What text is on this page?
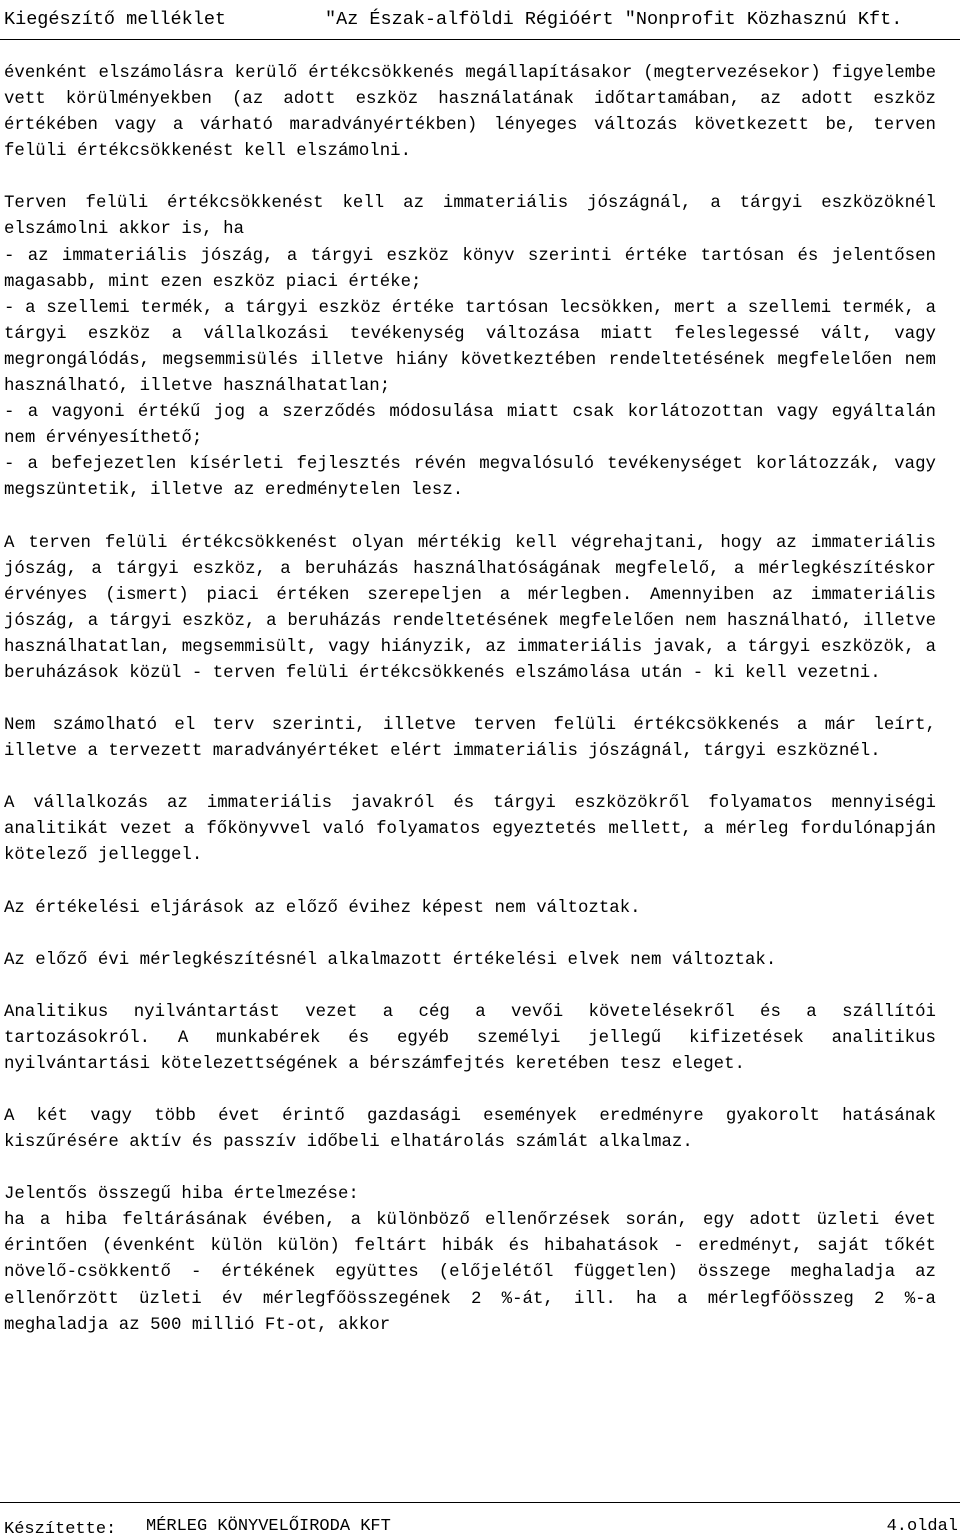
Kiegészítő melléklet	"Az Észak-alföldi Régióért "Nonprofit Közhasznú Kft.

évenként elszámolásra kerülő értékcsökkenés megállapításakor (megtervezésekor) figyelembe vett körülményekben (az adott eszköz használatának időtartamában, az adott eszköz értékében vagy a várható maradványértékben) lényeges változás következett be, terven felüli értékcsökkenést kell elszámolni.

Terven felüli értékcsökkenést kell az immateriális jószágnál, a tárgyi eszközöknél elszámolni akkor is, ha

- az immateriális jószág, a tárgyi eszköz könyv szerinti értéke tartósan és jelentősen magasabb, mint ezen eszköz piaci értéke;

- a szellemi termék, a tárgyi eszköz értéke tartósan lecsökken, mert a szellemi termék, a tárgyi eszköz a vállalkozási tevékenység változása miatt feleslegessé vált, vagy megrongálódás, megsemmisülés illetve hiány következtében rendeltetésének megfelelően nem használható, illetve használhatatlan;

- a vagyoni értékű jog a szerződés módosulása miatt csak korlátozottan vagy egyáltalán nem érvényesíthető;

- a befejezetlen kísérleti fejlesztés révén megvalósuló tevékenységet korlátozzák, vagy megszüntetik, illetve az eredménytelen lesz.

A terven felüli értékcsökkenést olyan mértékig kell végrehajtani, hogy az immateriális jószág, a tárgyi eszköz, a beruházás használhatóságának megfelelő, a mérlegkészítéskor érvényes (ismert) piaci értéken szerepeljen a mérlegben. Amennyiben az immateriális jószág, a tárgyi eszköz, a beruházás rendeltetésének megfelelően nem használható, illetve használhatatlan, megsemmisült, vagy hiányzik, az immateriális javak, a tárgyi eszközök, a beruházások közül - terven felüli értékcsökkenés elszámolása után - ki kell vezetni.

Nem számolható el terv szerinti, illetve terven felüli értékcsökkenés a már leírt, illetve a tervezett maradványértéket elért immateriális jószágnál, tárgyi eszköznél.

A vállalkozás az immateriális javakról és tárgyi eszközökről folyamatos mennyiségi analitikát vezet a főkönyvvel való folyamatos egyeztetés mellett, a mérleg fordulónapján kötelező jelleggel.

Az értékelési eljárások az előző évihez képest nem változtak.

Az előző évi mérlegkészítésnél alkalmazott értékelési elvek nem változtak.

Analitikus nyilvántartást vezet a cég a vevői követelésekről és a szállítói tartozásokról. A munkabérek és egyéb személyi jellegű kifizetések analitikus nyilvántartási kötelezettségének a bérszámfejtés keretében tesz eleget.

A két vagy több évet érintő gazdasági események eredményre gyakorolt hatásának kiszűrésére aktív és passzív időbeli elhatárolás számlát alkalmaz.

Jelentős összegű hiba értelmezése:

ha a hiba feltárásának évében, a különböző ellenőrzések során, egy adott üzleti évet érintően (évenként külön külön) feltárt hibák és hibahatások - eredményt, saját tőkét növelő-csökkentő - értékének együttes (előjelétől független) összege meghaladja az ellenőrzött üzleti év mérlegfőösszegének 2 %-át, ill. ha a mérlegfőösszeg 2 %-a meghaladja az 500 millió Ft-ot, akkor

Készítette: MÉRLEG KÖNYVELŐIRODA KFT	4.oldal
